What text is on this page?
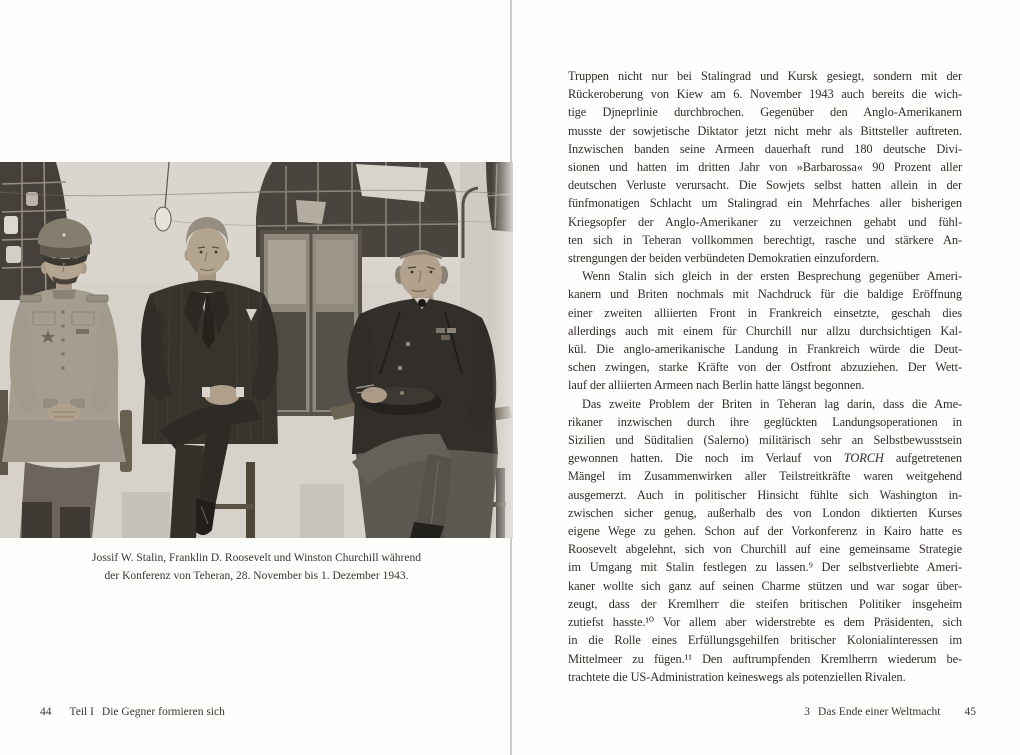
Jossif W. Stalin, Franklin D. Roosevelt und Winston Churchill während
der Konferenz von Teheran, 28. November bis 1. Dezember 1943.
44 Teil I Die Gegner formieren sich
Truppen nicht nur bei Stalingrad und Kursk gesiegt, sondern mit der
Rückeroberung von Kiew am 6. November 1943 auch bereits die wich-
tige Djneprlinie durchbrochen. Gegenüber den Anglo-Amerikanern
musste der sowjetische Diktator jetzt nicht mehr als Bittsteller auftreten.
Inzwischen banden seine Armeen dauerhaft rund 180 deutsche Divi-
sionen und hatten im dritten Jahr von »Barbarossa« 90 Prozent aller
deutschen Verluste verursacht. Die Sowjets selbst hatten allein in der
fünfmonatigen Schlacht um Stalingrad ein Mehrfaches aller bisherigen
Kriegsopfer der Anglo-Amerikaner zu verzeichnen gehabt und fühl-
ten sich in Teheran vollkommen berechtigt, rasche und stärkere An-
strengungen der beiden verbündeten Demokratien einzufordern.
Wenn Stalin sich gleich in der ersten Besprechung gegenüber Ameri-
kanern und Briten nochmals mit Nachdruck für die baldige Eröffnung
einer zweiten alliierten Front in Frankreich einsetzte, geschah dies
allerdings auch mit einem für Churchill nur allzu durchsichtigen Kal-
kül. Die anglo-amerikanische Landung in Frankreich würde die Deut-
schen zwingen, starke Kräfte von der Ostfront abzuziehen. Der Wett-
lauf der alliierten Armeen nach Berlin hatte längst begonnen.
Das zweite Problem der Briten in Teheran lag darin, dass die Ame-
rikaner inzwischen durch ihre geglückten Landungsoperationen in
Sizilien und Süditalien (Salerno) militärisch sehr an Selbstbewusstsein
gewonnen hatten. Die noch im Verlauf von TORCH aufgetretenen
Mängel im Zusammenwirken aller Teilstreitkräfte waren weitgehend
ausgemerzt. Auch in politischer Hinsicht fühlte sich Washington in-
zwischen sicher genug, außerhalb des von London diktierten Kurses
eigene Wege zu gehen. Schon auf der Vorkonferenz in Kairo hatte es
Roosevelt abgelehnt, sich von Churchill auf eine gemeinsame Strategie
im Umgang mit Stalin festlegen zu lassen.⁹ Der selbstverliebte Ameri-
kaner wollte sich ganz auf seinen Charme stützen und war sogar über-
zeugt, dass der Kremlherr die steifen britischen Politiker insgeheim
zutiefst hasste.¹⁰ Vor allem aber widerstrebte es dem Präsidenten, sich
in die Rolle eines Erfüllungsgehilfen britischer Kolonialinteressen im
Mittelmeer zu fügen.¹¹ Den auftrumpfenden Kremlherrn wiederum be-
trachtete die US-Administration keineswegs als potenziellen Rivalen.
3 Das Ende einer Weltmacht 45
